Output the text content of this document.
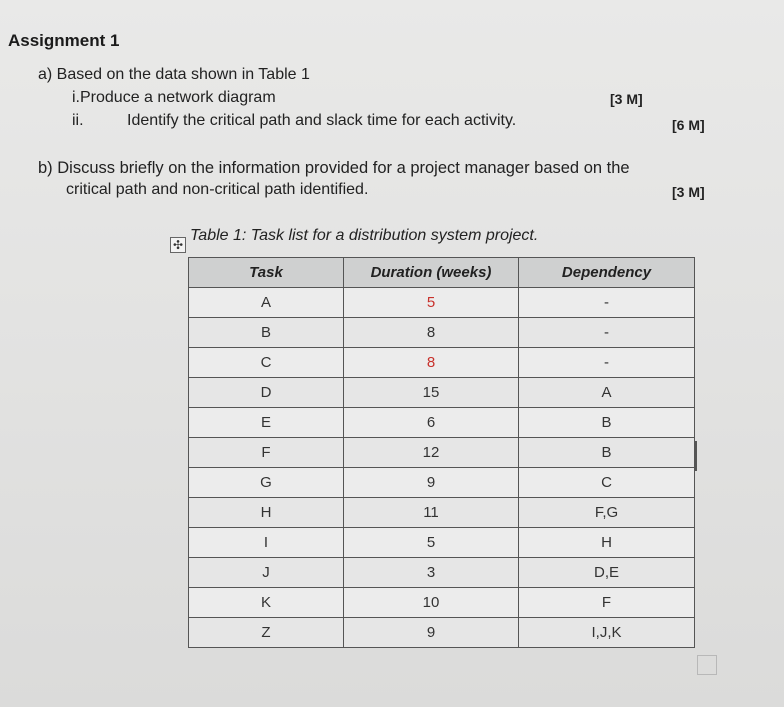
Assignment 1
a) Based on the data shown in Table 1
i.Produce a network diagram	[3 M]
ii.	Identify the critical path and slack time for each activity.	[6 M]
b) Discuss briefly on the information provided for a project manager based on the
critical path and non-critical path identified.	[3 M]
✣
Table 1: Task list for a distribution system project.
Task	Duration (weeks)	Dependency
A	5	-
B	8	-
C	8	-
D	15	A
E	6	B
F	12	B
G	9	C
H	11	F,G
I	5	H
J	3	D,E
K	10	F
Z	9	I,J,K
